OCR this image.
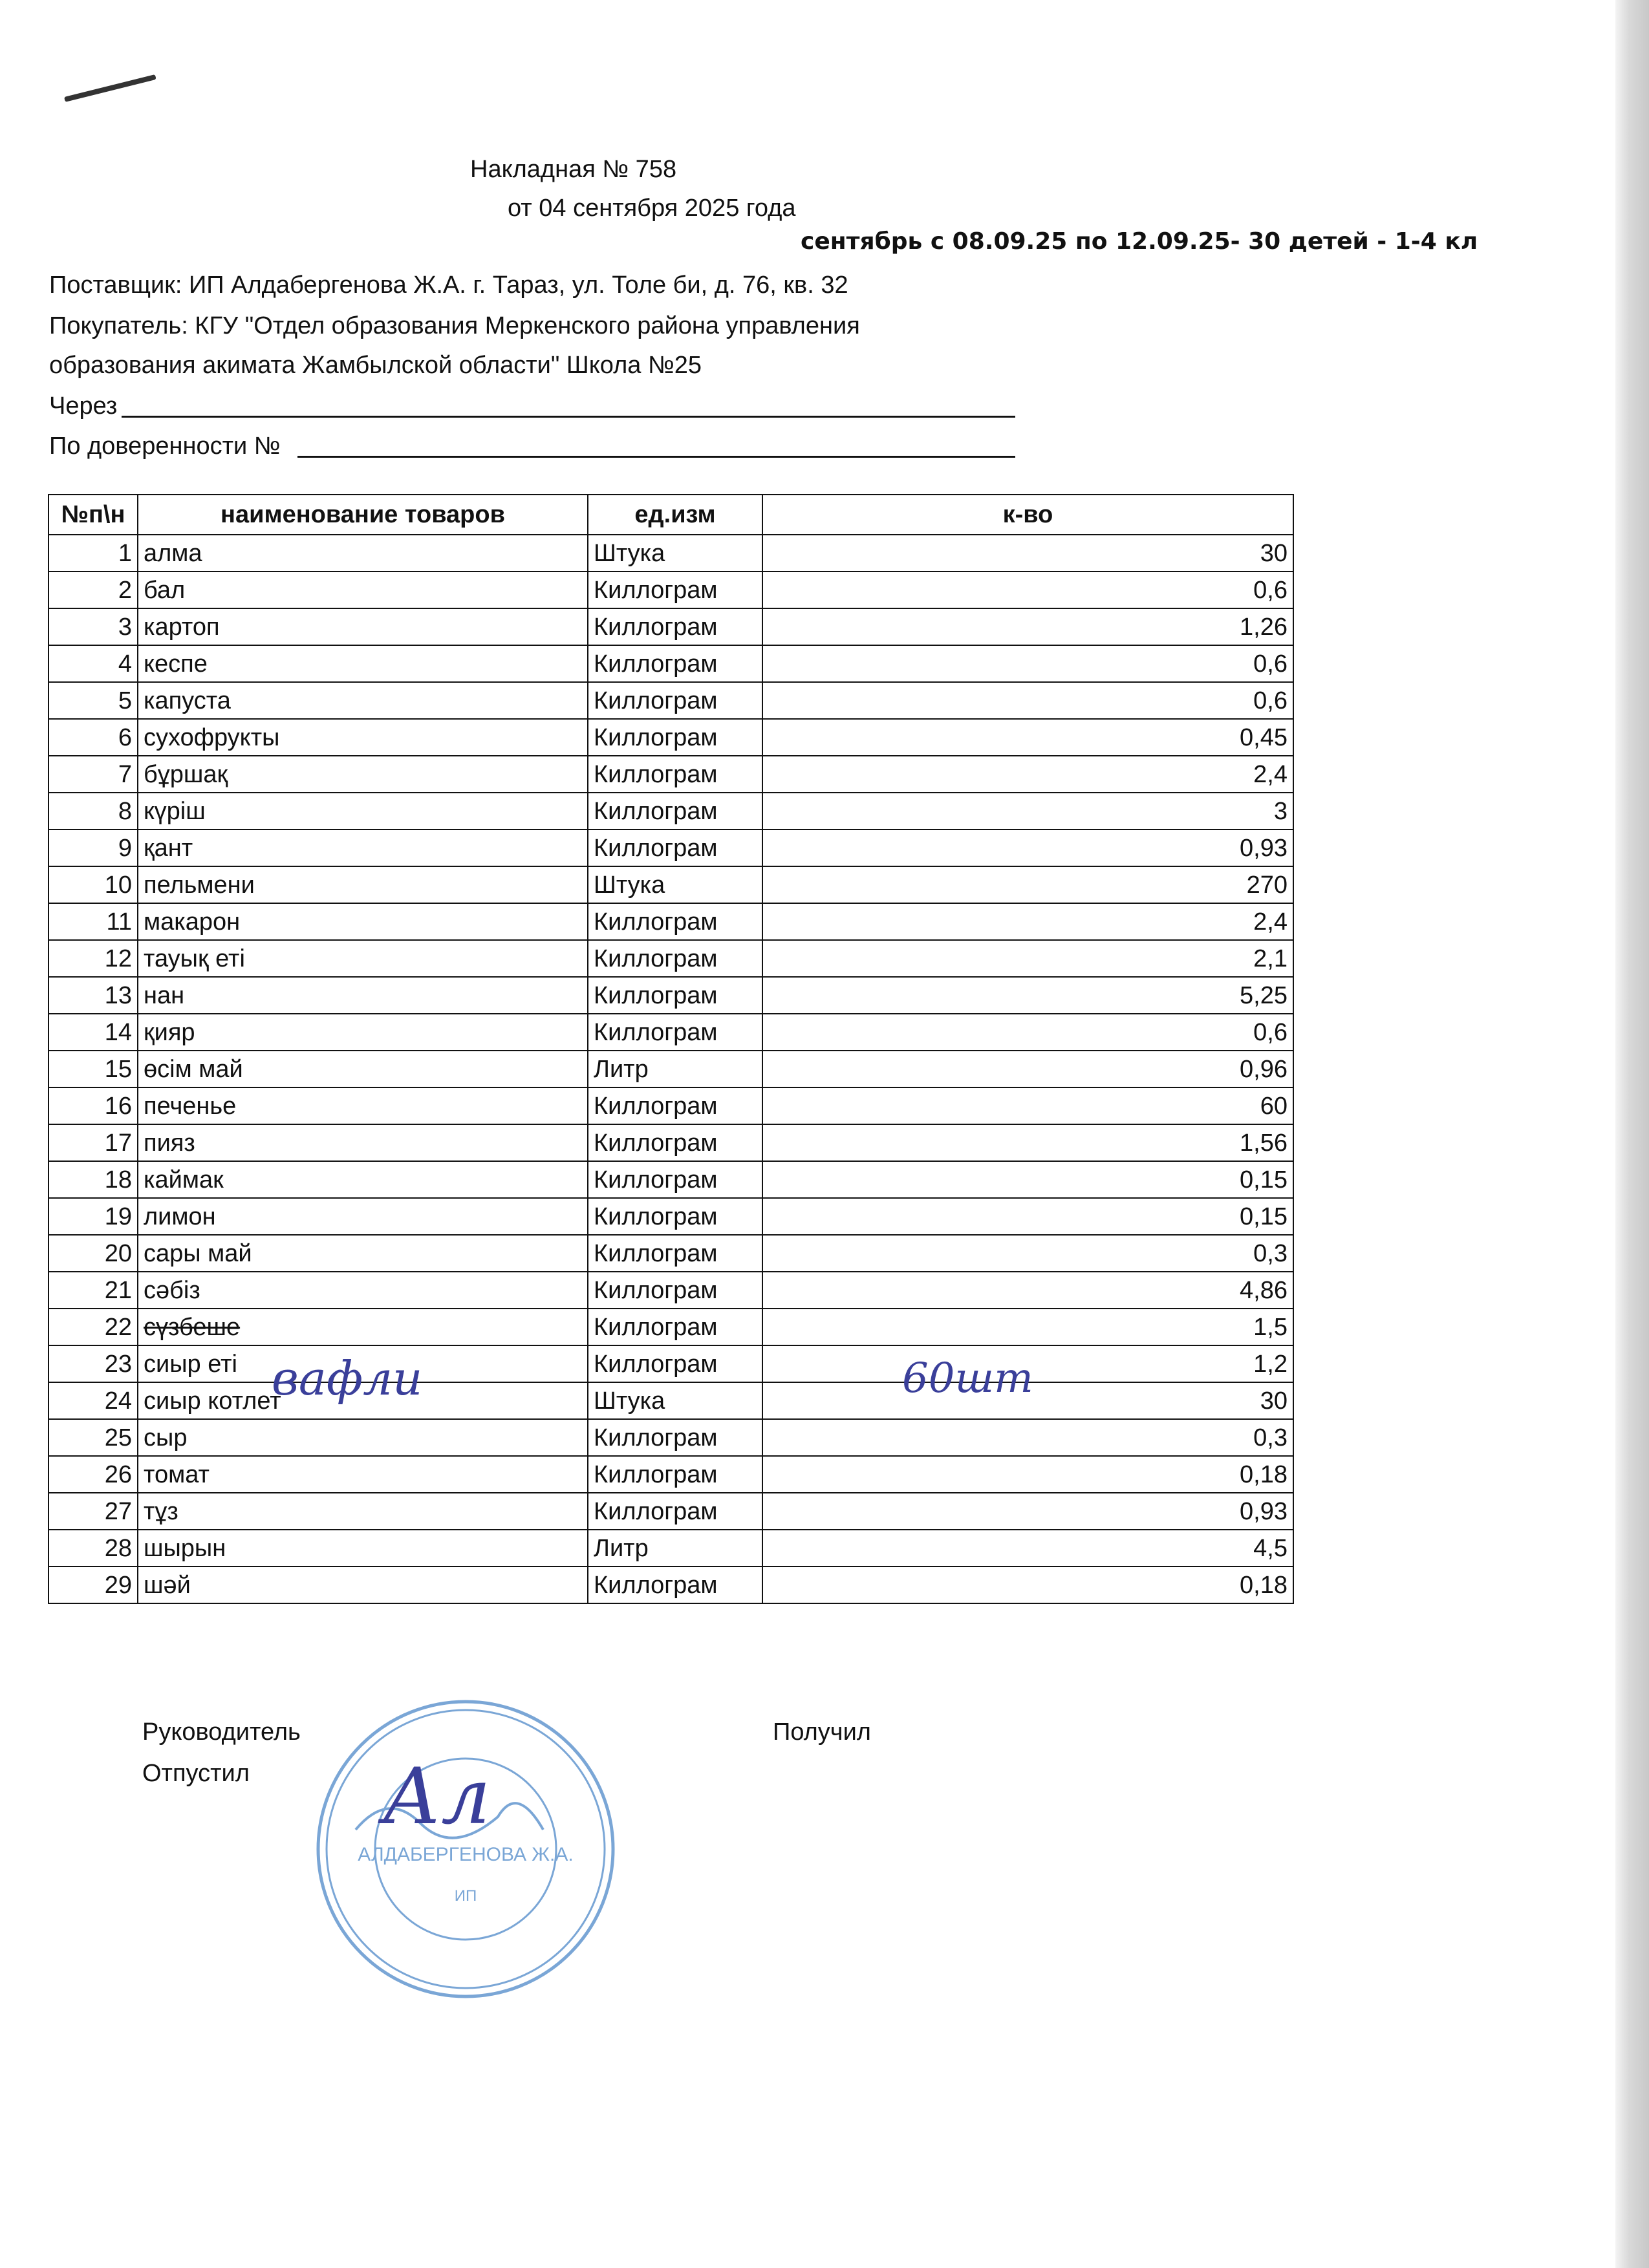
Накладная № 758
от 04 сентября 2025 года
сентябрь с 08.09.25 по 12.09.25- 30 детей - 1-4 кл
Поставщик: ИП Алдабергенова Ж.А. г. Тараз, ул. Толе би, д. 76, кв. 32
Покупатель: КГУ "Отдел образования Меркенского района управления
образования акимата Жамбылской области" Школа №25
Через
По доверенности №
№п\н	наименование товаров	ед.изм	к-во
1	алма	Штука	30
2	бал	Киллограм	0,6
3	картоп	Киллограм	1,26
4	кеспе	Киллограм	0,6
5	капуста	Киллограм	0,6
6	сухофрукты	Киллограм	0,45
7	бұршақ	Киллограм	2,4
8	күріш	Киллограм	3
9	қант	Киллограм	0,93
10	пельмени	Штука	270
11	макарон	Киллограм	2,4
12	тауық еті	Киллограм	2,1
13	нан	Киллограм	5,25
14	қияр	Киллограм	0,6
15	өсім май	Литр	0,96
16	печенье	Киллограм	60
17	пияз	Киллограм	1,56
18	каймак	Киллограм	0,15
19	лимон	Киллограм	0,15
20	сары май	Киллограм	0,3
21	сәбіз	Киллограм	4,86
22	сүзбеше	Киллограм	1,5
23	сиыр еті	Киллограм	1,2
24	сиыр котлет	Штука	30
25	сыр	Киллограм	0,3
26	томат	Киллограм	0,18
27	тұз	Киллограм	0,93
28	шырын	Литр	4,5
29	шәй	Киллограм	0,18
вафли	60шт
Руководитель
Отпустил
Получил
АЛДАБЕРГЕНОВА Ж.А.
ИП
Ал
